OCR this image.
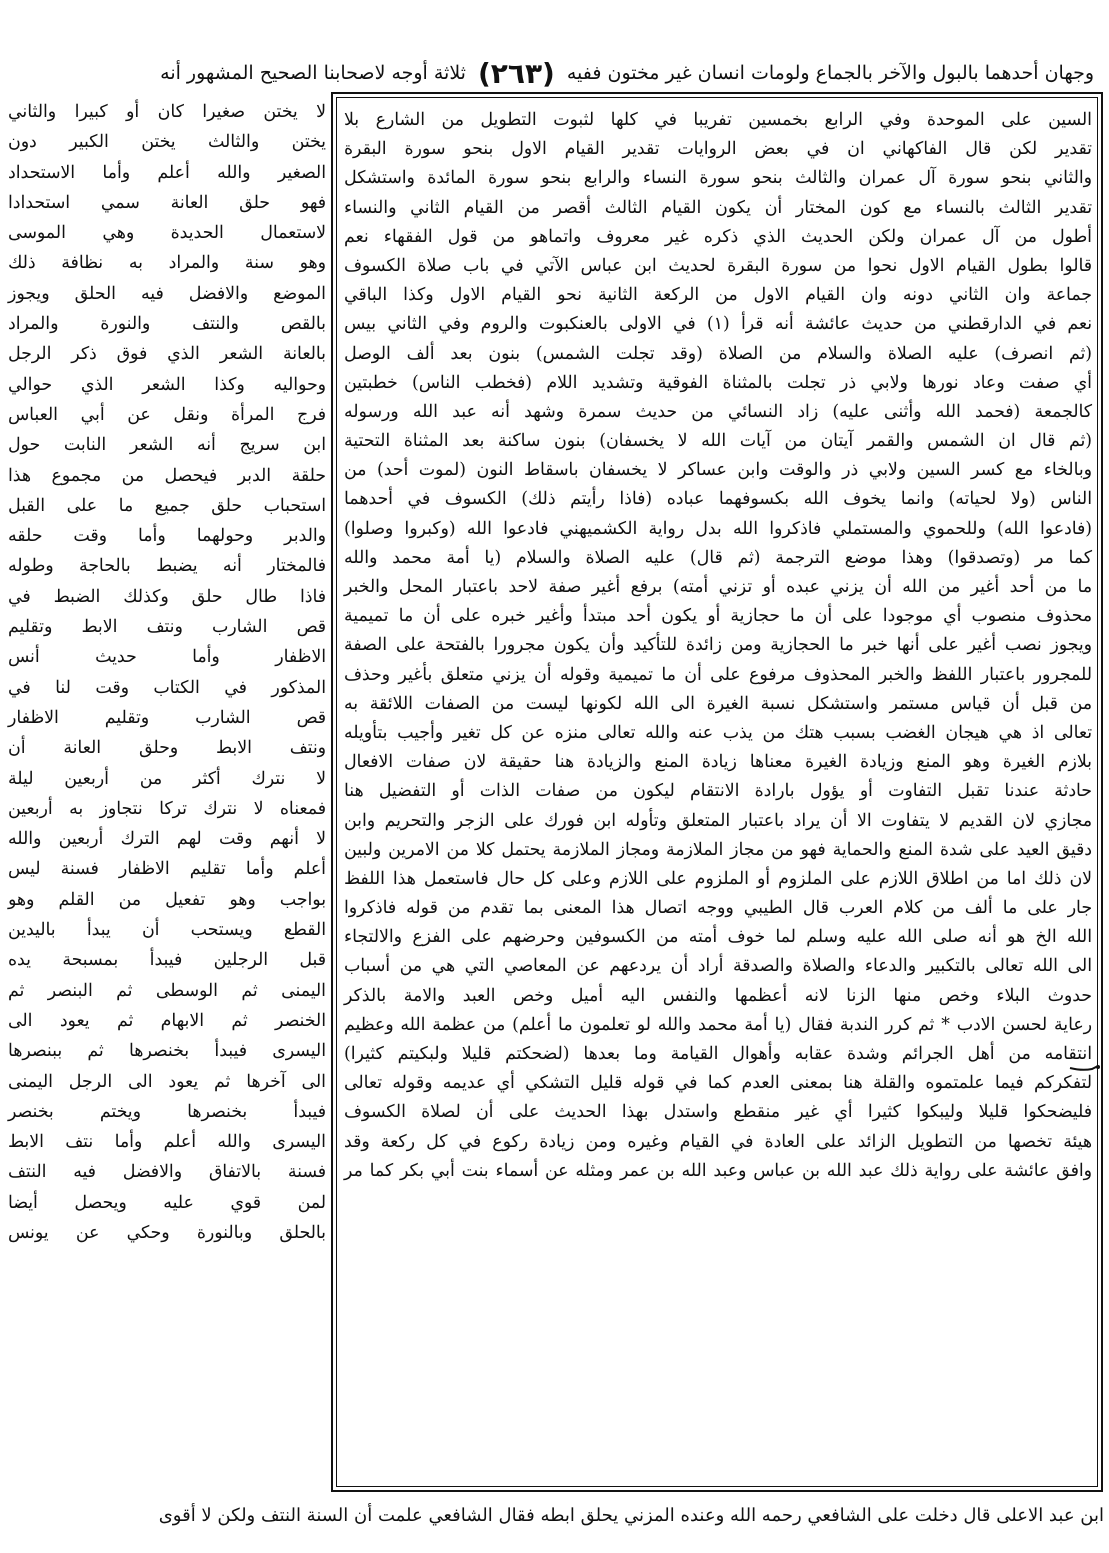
وجهان أحدهما بالبول والآخر بالجماع ولومات انسان غير مختون ففيه
(٢٦٣)
ثلاثة أوجه لاصحابنا الصحيح المشهور أنه
لا يختن صغيرا كان أو كبيرا والثاني
يختن والثالث يختن الكبير دون
الصغير والله أعلم وأما الاستحداد
فهو حلق العانة سمي استحدادا
لاستعمال الحديدة وهي الموسى
وهو سنة والمراد به نظافة ذلك
الموضع والافضل فيه الحلق ويجوز
بالقص والنتف والنورة والمراد
بالعانة الشعر الذي فوق ذكر الرجل
وحواليه وكذا الشعر الذي حوالي
فرج المرأة ونقل عن أبي العباس
ابن سريج أنه الشعر النابت حول
حلقة الدبر فيحصل من مجموع هذا
استحباب حلق جميع ما على القبل
والدبر وحولهما وأما وقت حلقه
فالمختار أنه يضبط بالحاجة وطوله
فاذا طال حلق وكذلك الضبط في
قص الشارب ونتف الابط وتقليم
الاظفار وأما حديث أنس
المذكور في الكتاب وقت لنا في
قص الشارب وتقليم الاظفار
ونتف الابط وحلق العانة أن
لا نترك أكثر من أربعين ليلة
فمعناه لا نترك تركا نتجاوز به أربعين
لا أنهم وقت لهم الترك أربعين والله
أعلم وأما تقليم الاظفار فسنة ليس
بواجب وهو تفعيل من القلم وهو
القطع ويستحب أن يبدأ باليدين
قبل الرجلين فيبدأ بمسبحة يده
اليمنى ثم الوسطى ثم البنصر ثم
الخنصر ثم الابهام ثم يعود الى
اليسرى فيبدأ بخنصرها ثم ببنصرها
الى آخرها ثم يعود الى الرجل اليمنى
فيبدأ بخنصرها ويختم بخنصر
اليسرى والله أعلم وأما نتف الابط
فسنة بالاتفاق والافضل فيه النتف
لمن قوي عليه ويحصل أيضا
بالحلق وبالنورة وحكي عن يونس
السين على الموحدة وفي الرابع بخمسين تفريبا في كلها لثبوت التطويل من الشارع بلا
تقدير لكن قال الفاكهاني ان في بعض الروايات تقدير القيام الاول بنحو سورة البقرة
والثاني بنحو سورة آل عمران والثالث بنحو سورة النساء والرابع بنحو سورة المائدة واستشكل
تقدير الثالث بالنساء مع كون المختار أن يكون القيام الثالث أقصر من القيام الثاني والنساء
أطول من آل عمران ولكن الحديث الذي ذكره غير معروف واتماهو من قول الفقهاء نعم
قالوا بطول القيام الاول نحوا من سورة البقرة لحديث ابن عباس الآتي في باب صلاة الكسوف
جماعة وان الثاني دونه وان القيام الاول من الركعة الثانية نحو القيام الاول وكذا الباقي
نعم في الدارقطني من حديث عائشة أنه قرأ (١) في الاولى بالعنكبوت والروم وفي الثاني بيس
(ثم انصرف) عليه الصلاة والسلام من الصلاة (وقد تجلت الشمس) بنون بعد ألف الوصل
أي صفت وعاد نورها ولابي ذر تجلت بالمثناة الفوقية وتشديد اللام (فخطب الناس) خطبتين
كالجمعة (فحمد الله وأثنى عليه) زاد النسائي من حديث سمرة وشهد أنه عبد الله ورسوله
(ثم قال ان الشمس والقمر آيتان من آيات الله لا يخسفان) بنون ساكنة بعد المثناة التحتية
وبالخاء مع كسر السين ولابي ذر والوقت وابن عساكر لا يخسفان باسقاط النون (لموت أحد) من
الناس (ولا لحياته) وانما يخوف الله بكسوفهما عباده (فاذا رأيتم ذلك) الكسوف في أحدهما
(فادعوا الله) وللحموي والمستملي فاذكروا الله بدل رواية الكشميهني فادعوا الله (وكبروا وصلوا)
كما مر (وتصدقوا) وهذا موضع الترجمة (ثم قال) عليه الصلاة والسلام (يا أمة محمد والله
ما من أحد أغير من الله أن يزني عبده أو تزني أمته) برفع أغير صفة لاحد باعتبار المحل والخبر
محذوف منصوب أي موجودا على أن ما حجازية أو يكون أحد مبتدأ وأغير خبره على أن ما تميمية
ويجوز نصب أغير على أنها خبر ما الحجازية ومن زائدة للتأكيد وأن يكون مجرورا بالفتحة على الصفة
للمجرور باعتبار اللفظ والخبر المحذوف مرفوع على أن ما تميمية وقوله أن يزني متعلق بأغير وحذف
من قبل أن قياس مستمر واستشكل نسبة الغيرة الى الله لكونها ليست من الصفات اللائقة به
تعالى اذ هي هيجان الغضب بسبب هتك من يذب عنه والله تعالى منزه عن كل تغير وأجيب بتأويله
بلازم الغيرة وهو المنع وزيادة الغيرة معناها زيادة المنع والزيادة هنا حقيقة لان صفات الافعال
حادثة عندنا تقبل التفاوت أو يؤول بارادة الانتقام ليكون من صفات الذات أو التفضيل هنا
مجازي لان القديم لا يتفاوت الا أن يراد باعتبار المتعلق وتأوله ابن فورك على الزجر والتحريم وابن
دقيق العيد على شدة المنع والحماية فهو من مجاز الملازمة ومجاز الملازمة يحتمل كلا من الامرين ولبين
لان ذلك اما من اطلاق اللازم على الملزوم أو الملزوم على اللازم وعلى كل حال فاستعمل هذا اللفظ
جار على ما ألف من كلام العرب قال الطيبي ووجه اتصال هذا المعنى بما تقدم من قوله فاذكروا
الله الخ هو أنه صلى الله عليه وسلم لما خوف أمته من الكسوفين وحرضهم على الفزع والالتجاء
الى الله تعالى بالتكبير والدعاء والصلاة والصدقة أراد أن يردعهم عن المعاصي التي هي من أسباب
حدوث البلاء وخص منها الزنا لانه أعظمها والنفس اليه أميل وخص العبد والامة بالذكر
رعاية لحسن الادب * ثم كرر الندبة فقال (يا أمة محمد والله لو تعلمون ما أعلم) من عظمة الله وعظيم
انتقامه من أهل الجرائم وشدة عقابه وأهوال القيامة وما بعدها (لضحكتم قليلا ولبكيتم كثيرا)
لتفكركم فيما علمتموه والقلة هنا بمعنى العدم كما في قوله قليل التشكي أي عديمه وقوله تعالى
فليضحكوا قليلا وليبكوا كثيرا أي غير منقطع واستدل بهذا الحديث على أن لصلاة الكسوف
هيئة تخصها من التطويل الزائد على العادة في القيام وغيره ومن زيادة ركوع في كل ركعة وقد
وافق عائشة على رواية ذلك عبد الله بن عباس وعبد الله بن عمر ومثله عن أسماء بنت أبي بكر كما مر
ابن عبد الاعلى قال دخلت على الشافعي رحمه الله وعنده المزني يحلق ابطه فقال الشافعي علمت أن السنة النتف ولكن لا أقوى
